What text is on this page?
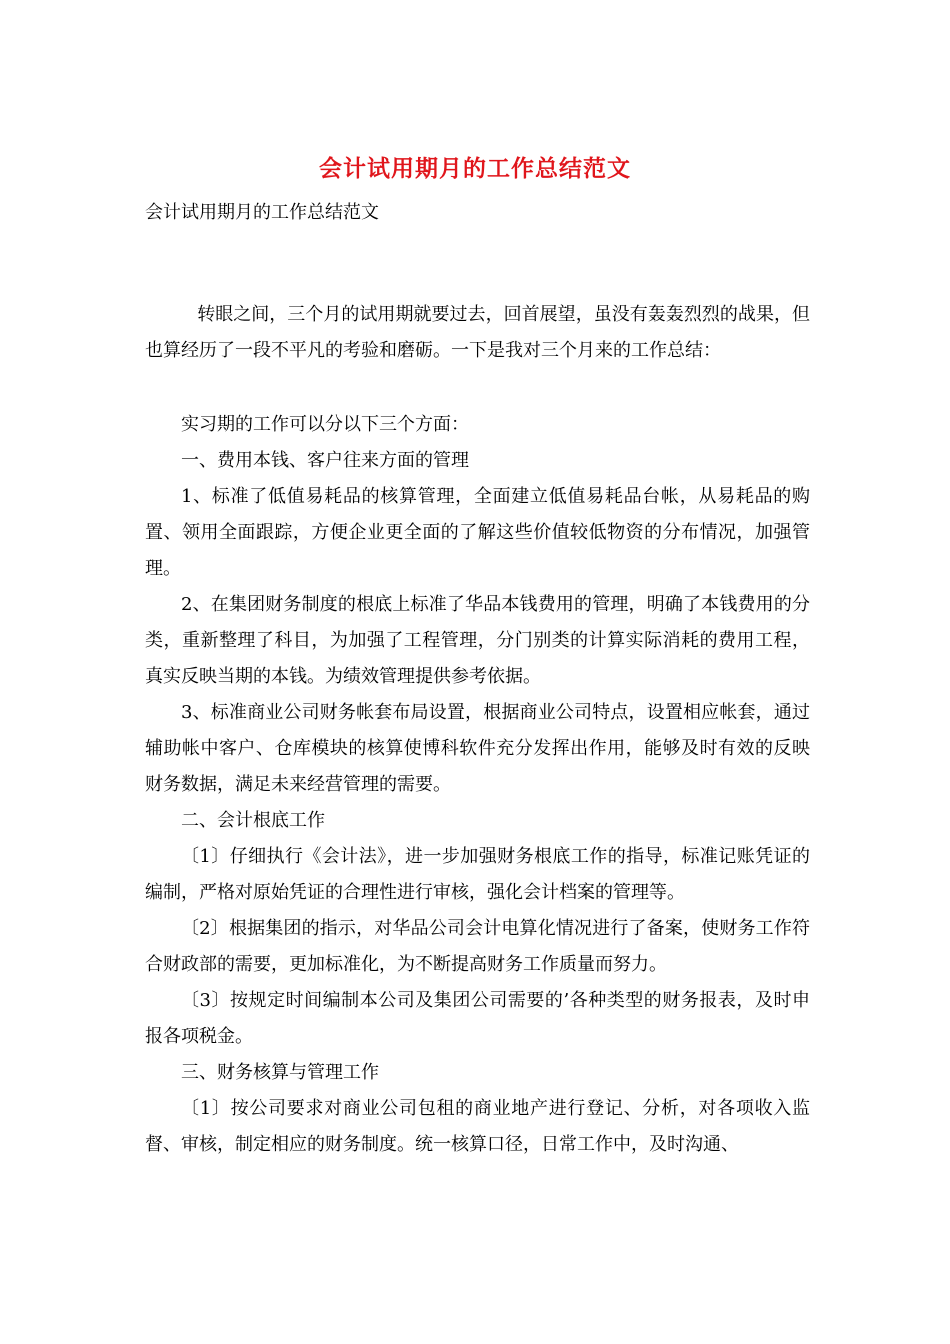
会计试用期月的工作总结范文
会计试用期月的工作总结范文

转眼之间，三个月的试用期就要过去，回首展望，虽没有轰轰烈烈的战果，但也算经历了一段不平凡的考验和磨砺。一下是我对三个月来的工作总结：

实习期的工作可以分以下三个方面：

一、费用本钱、客户往来方面的管理

1、标准了低值易耗品的核算管理，全面建立低值易耗品台帐，从易耗品的购置、领用全面跟踪，方便企业更全面的了解这些价值较低物资的分布情况，加强管理。

2、在集团财务制度的根底上标准了华品本钱费用的管理，明确了本钱费用的分类，重新整理了科目，为加强了工程管理，分门别类的计算实际消耗的费用工程，真实反映当期的本钱。为绩效管理提供参考依据。

3、标准商业公司财务帐套布局设置，根据商业公司特点，设置相应帐套，通过辅助帐中客户、仓库模块的核算使博科软件充分发挥出作用，能够及时有效的反映财务数据，满足未来经营管理的需要。

二、会计根底工作

〔1〕仔细执行《会计法》，进一步加强财务根底工作的指导，标准记账凭证的编制，严格对原始凭证的合理性进行审核，强化会计档案的管理等。

〔2〕根据集团的指示，对华品公司会计电算化情况进行了备案，使财务工作符合财政部的需要，更加标准化，为不断提高财务工作质量而努力。

〔3〕按规定时间编制本公司及集团公司需要的’各种类型的财务报表，及时申报各项税金。

三、财务核算与管理工作

〔1〕按公司要求对商业公司包租的商业地产进行登记、分析，对各项收入监督、审核，制定相应的财务制度。统一核算口径，日常工作中，及时沟通、
